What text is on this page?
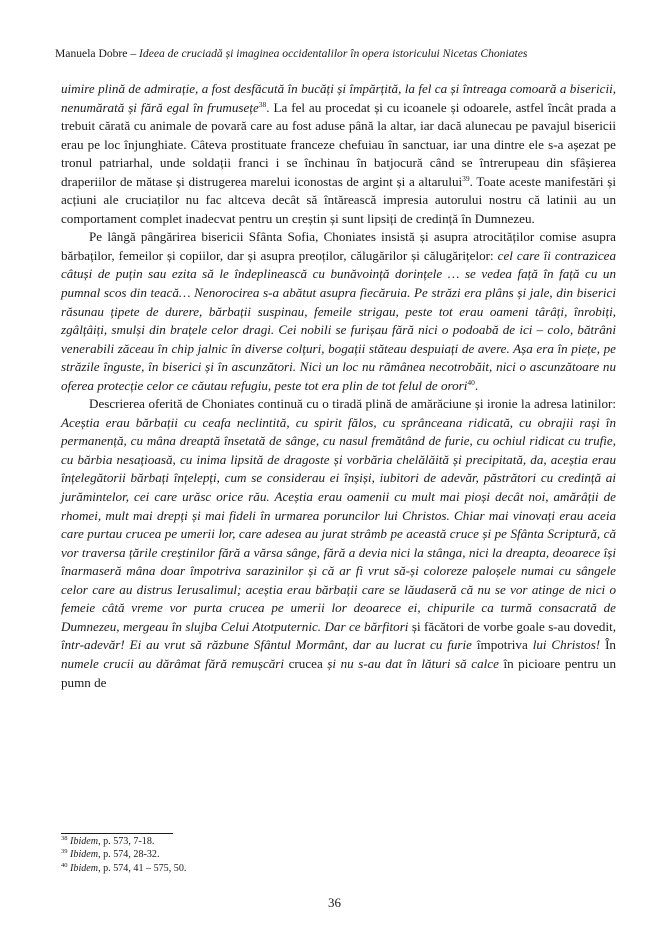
Manuela Dobre – Ideea de cruciadă și imaginea occidentalilor în opera istoricului Nicetas Choniates

uimire plină de admirație, a fost desfăcută în bucăți și împărțită, la fel ca și întreaga comoară a bisericii, nenumărată și fără egal în frumusețe$^{38}$. La fel au procedat și cu icoanele și odoarele, astfel încât prada a trebuit cărată cu animale de povară care au fost aduse până la altar, iar dacă alunecau pe pavajul bisericii erau pe loc înjunghiate. Câteva prostituate franceze chefuiau în sanctuar, iar una dintre ele s-a așezat pe tronul patriarhal, unde soldații franci i se închinau în batjocură când se întrerupeau din sfâșierea draperiilor de mătase și distrugerea marelui iconostas de argint și a altarului$^{39}$. Toate aceste manifestări și acțiuni ale cruciaților nu fac altceva decât să întărească impresia autorului nostru că latinii au un comportament complet inadecvat pentru un creștin și sunt lipsiți de credință în Dumnezeu.

Pe lângă pângărirea bisericii Sfânta Sofia, Choniates insistă și asupra atrocităților comise asupra bărbaților, femeilor și copiilor, dar și asupra preoților, călugărilor și călugărițelor: cel care îi contrazicea câtuși de puțin sau ezita să le îndeplinească cu bunăvoință dorințele … se vedea față în față cu un pumnal scos din teacă… Nenorocirea s-a abătut asupra fiecăruia. Pe străzi era plâns și jale, din biserici răsunau țipete de durere, bărbații suspinau, femeile strigau, peste tot erau oameni târâți, înrobiți, zgâlțâiți, smulși din brațele celor dragi. Cei nobili se furișau fără nici o podoabă de ici – colo, bătrâni venerabili zăceau în chip jalnic în diverse colțuri, bogații stăteau despuiați de avere. Așa era în piețe, pe străzile înguste, în biserici și în ascunzători. Nici un loc nu rămânea necotrobăit, nici o ascunzătoare nu oferea protecție celor ce căutau refugiu, peste tot era plin de tot felul de orori$^{40}$.

Descrierea oferită de Choniates continuă cu o tiradă plină de amărăciune și ironie la adresa latinilor: Aceștia erau bărbații cu ceafa neclintită, cu spirit fălos, cu sprânceana ridicată, cu obrajii rași în permanență, cu mâna dreaptă însetată de sânge, cu nasul fremătând de furie, cu ochiul ridicat cu trufie, cu bărbia nesațioasă, cu inima lipsită de dragoste și vorbăria chelălăită și precipitată, da, aceștia erau înțelegătorii bărbați înțelepți, cum se considerau ei înșiși, iubitori de adevăr, păstrători cu credință ai jurămintelor, cei care urăsc orice rău. Aceștia erau oamenii cu mult mai pioși decât noi, amărâții de rhomei, mult mai drepți și mai fideli în urmarea poruncilor lui Christos. Chiar mai vinovați erau aceia care purtau crucea pe umerii lor, care adesea au jurat strâmb pe această cruce și pe Sfânta Scriptură, că vor traversa țările creștinilor fără a vărsa sânge, fără a devia nici la stânga, nici la dreapta, deoarece își înarmaseră mâna doar împotriva sarazinilor și că ar fi vrut să-și coloreze paloșele numai cu sângele celor care au distrus Ierusalimul; aceștia erau bărbații care se lăudaseră că nu se vor atinge de nici o femeie câtă vreme vor purta crucea pe umerii lor deoarece ei, chipurile ca turmă consacrată de Dumnezeu, mergeau în slujba Celui Atotputernic. Dar ce bărfitori și făcători de vorbe goale s-au dovedit, într-adevăr! Ei au vrut să răzbune Sfântul Mormânt, dar au lucrat cu furie împotriva lui Christos! În numele crucii au dărâmat fără remușcări crucea și nu s-au dat în lături să calce în picioare pentru un pumn de

$^{38}$ Ibidem, p. 573, 7-18.
$^{39}$ Ibidem, p. 574, 28-32.
$^{40}$ Ibidem, p. 574, 41 – 575, 50.
36
